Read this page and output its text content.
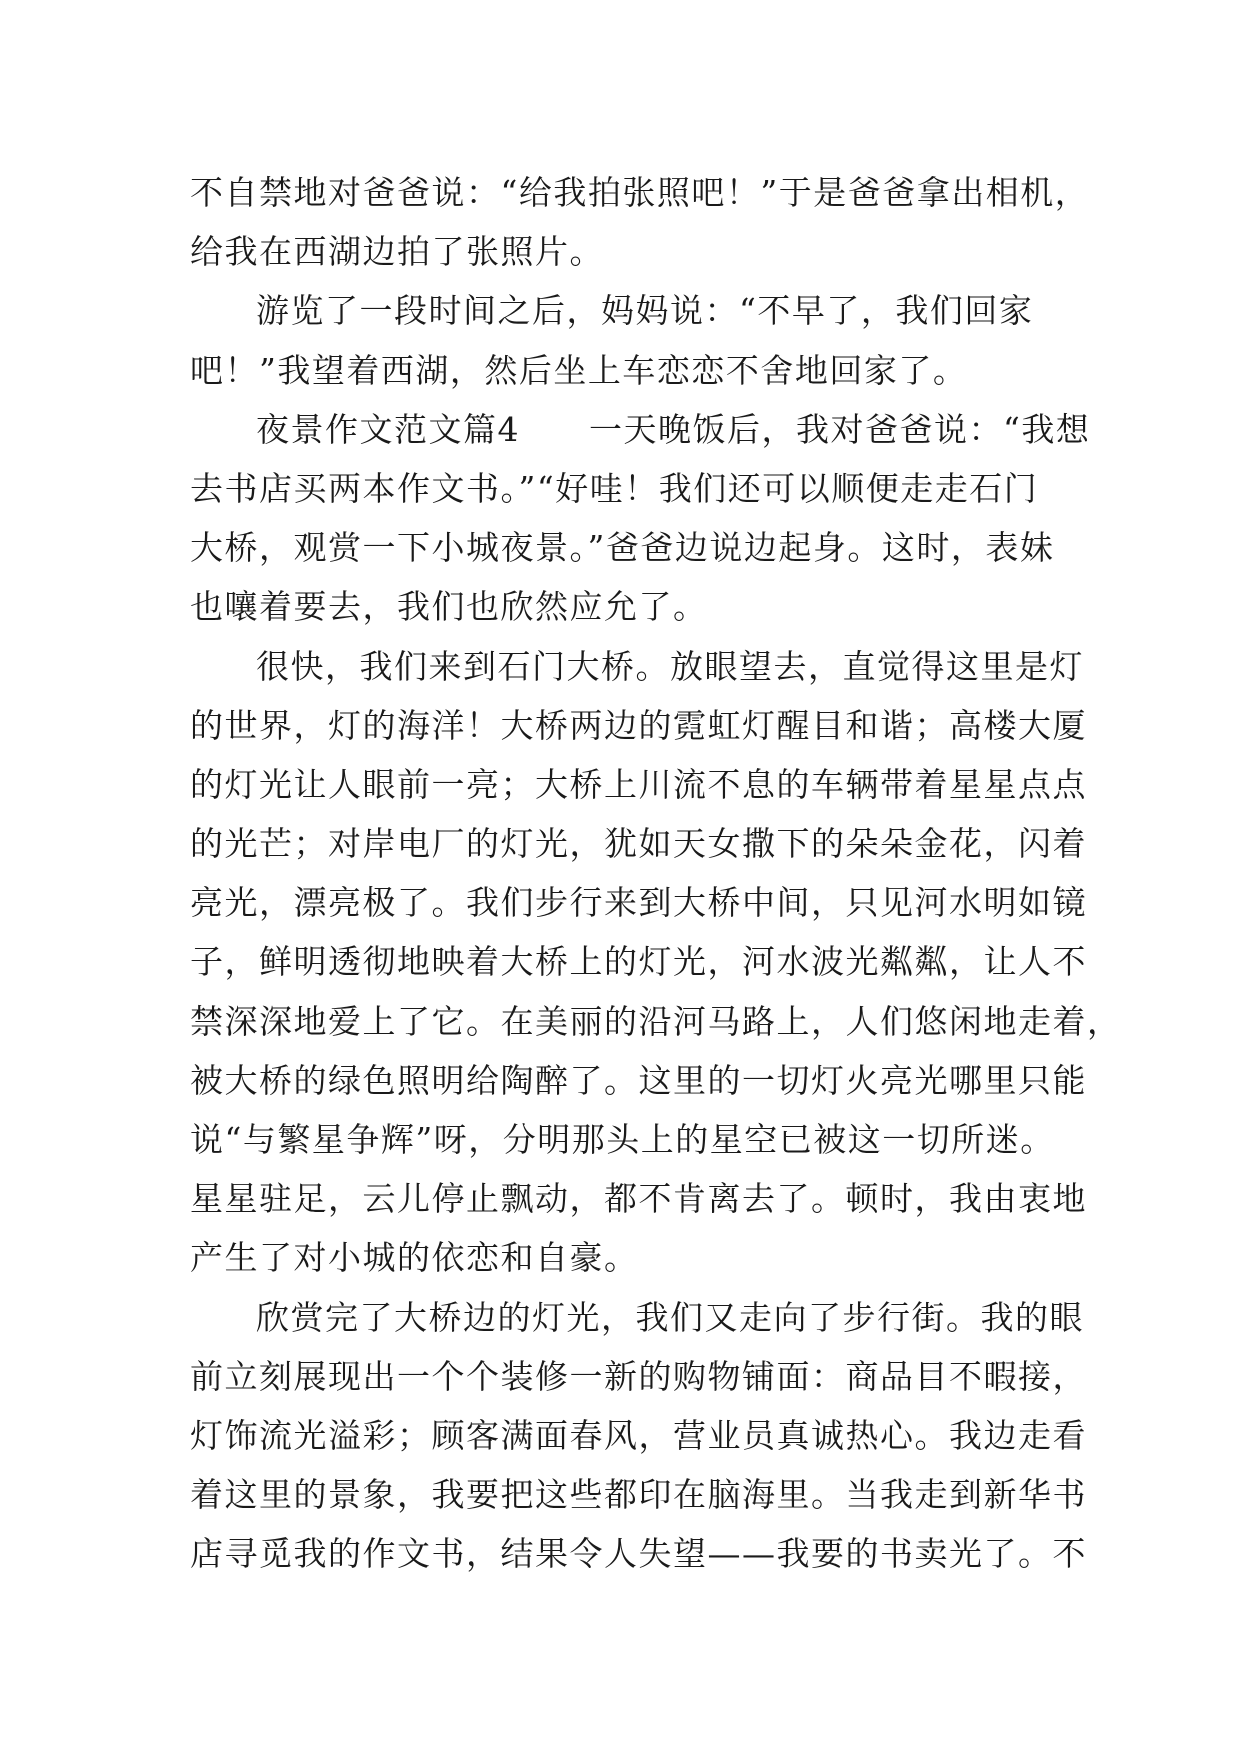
不自禁地对爸爸说：“给我拍张照吧！”于是爸爸拿出相机，
给我在西湖边拍了张照片。
游览了一段时间之后，妈妈说：“不早了，我们回家
吧！”我望着西湖，然后坐上车恋恋不舍地回家了。
夜景作文范文篇4　　一天晚饭后，我对爸爸说：“我想
去书店买两本作文书。”“好哇！我们还可以顺便走走石门
大桥，观赏一下小城夜景。”爸爸边说边起身。这时，表妹
也嚷着要去，我们也欣然应允了。
很快，我们来到石门大桥。放眼望去，直觉得这里是灯
的世界，灯的海洋！大桥两边的霓虹灯醒目和谐；高楼大厦
的灯光让人眼前一亮；大桥上川流不息的车辆带着星星点点
的光芒；对岸电厂的灯光，犹如天女撒下的朵朵金花，闪着
亮光，漂亮极了。我们步行来到大桥中间，只见河水明如镜
子，鲜明透彻地映着大桥上的灯光，河水波光粼粼，让人不
禁深深地爱上了它。在美丽的沿河马路上，人们悠闲地走着，
被大桥的绿色照明给陶醉了。这里的一切灯火亮光哪里只能
说“与繁星争辉”呀，分明那头上的星空已被这一切所迷。
星星驻足，云儿停止飘动，都不肯离去了。顿时，我由衷地
产生了对小城的依恋和自豪。
欣赏完了大桥边的灯光，我们又走向了步行街。我的眼
前立刻展现出一个个装修一新的购物铺面：商品目不暇接，
灯饰流光溢彩；顾客满面春风，营业员真诚热心。我边走看
着这里的景象，我要把这些都印在脑海里。当我走到新华书
店寻觅我的作文书，结果令人失望——我要的书卖光了。不
